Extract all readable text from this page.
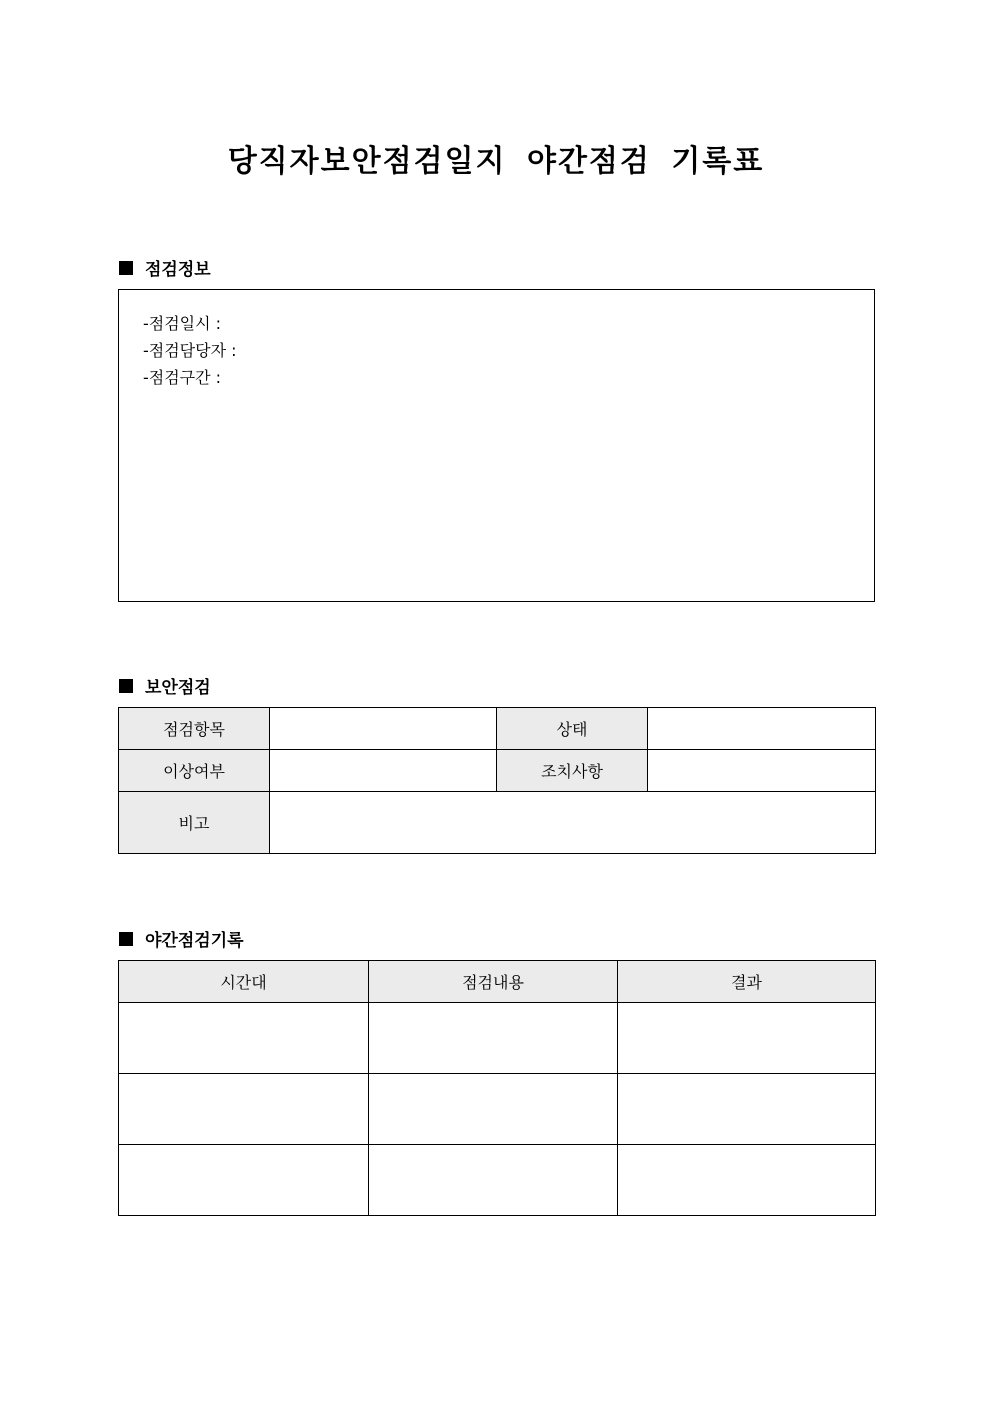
당직자보안점검일지 야간점검 기록표
점검정보
-점검일시 :
-점검담당자 :
-점검구간 :
보안점검
점검항목		상태	
이상여부		조치사항	
비고			
야간점검기록
시간대	점검내용	결과
